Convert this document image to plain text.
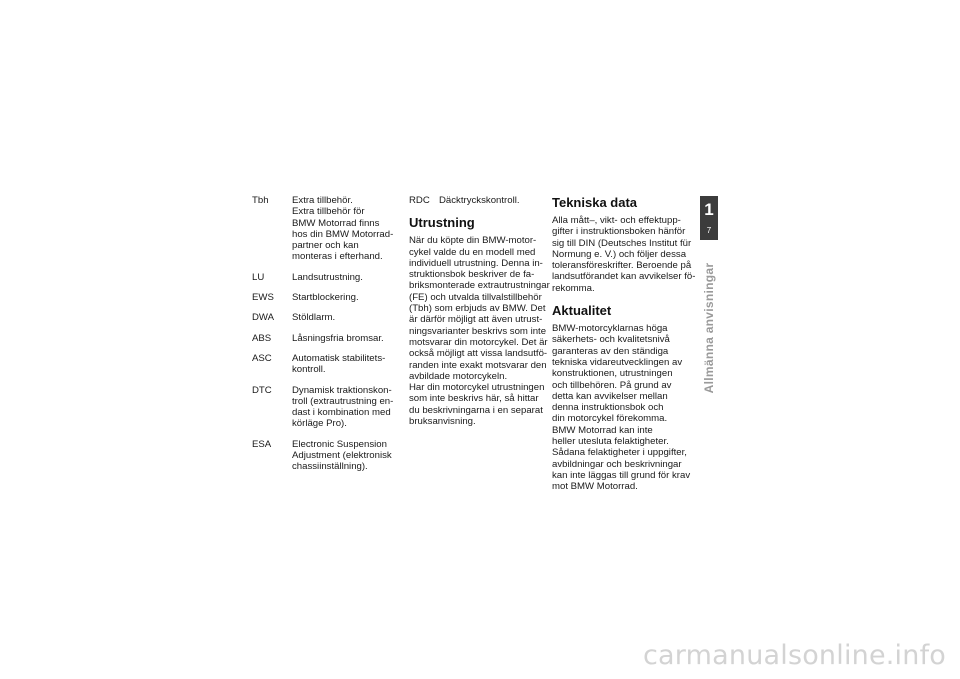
Tbh	Extra tillbehör.
Extra tillbehör för
BMW Motorrad finns
hos din BMW Motorrad-
partner och kan
monteras i efterhand.
LU	Landsutrustning.
EWS	Startblockering.
DWA	Stöldlarm.
ABS	Låsningsfria bromsar.
ASC	Automatisk stabilitets-
kontroll.
DTC	Dynamisk traktionskon-
troll (extrautrustning en-
dast i kombination med
körläge Pro).
ESA	Electronic Suspension
Adjustment (elektronisk
chassiinställning).
RDC Däcktryckskontroll.
Utrustning
När du köpte din BMW-motor-
cykel valde du en modell med
individuell utrustning. Denna in-
struktionsbok beskriver de fa-
briksmonterade extrautrustningar
(FE) och utvalda tillvalstillbehör
(Tbh) som erbjuds av BMW. Det
är därför möjligt att även utrust-
ningsvarianter beskrivs som inte
motsvarar din motorcykel. Det är
också möjligt att vissa landsutfö-
randen inte exakt motsvarar den
avbildade motorcykeln.
Har din motorcykel utrustningen
som inte beskrivs här, så hittar
du beskrivningarna i en separat
bruksanvisning.
Tekniska data
Alla mått–, vikt- och effektupp-
gifter i instruktionsboken hänför
sig till DIN (Deutsches Institut für
Normung e. V.) och följer dessa
toleransföreskrifter. Beroende på
landsutförandet kan avvikelser fö-
rekomma.
Aktualitet
BMW-motorcyklarnas höga
säkerhets- och kvalitetsnivå
garanteras av den ständiga
tekniska vidareutvecklingen av
konstruktionen, utrustningen
och tillbehören. På grund av
detta kan avvikelser mellan
denna instruktionsbok och
din motorcykel förekomma.
BMW Motorrad kan inte
heller utesluta felaktigheter.
Sådana felaktigheter i uppgifter,
avbildningar och beskrivningar
kan inte läggas till grund för krav
mot BMW Motorrad.
1
7
Allmänna anvisningar
carmanualsonline.info
